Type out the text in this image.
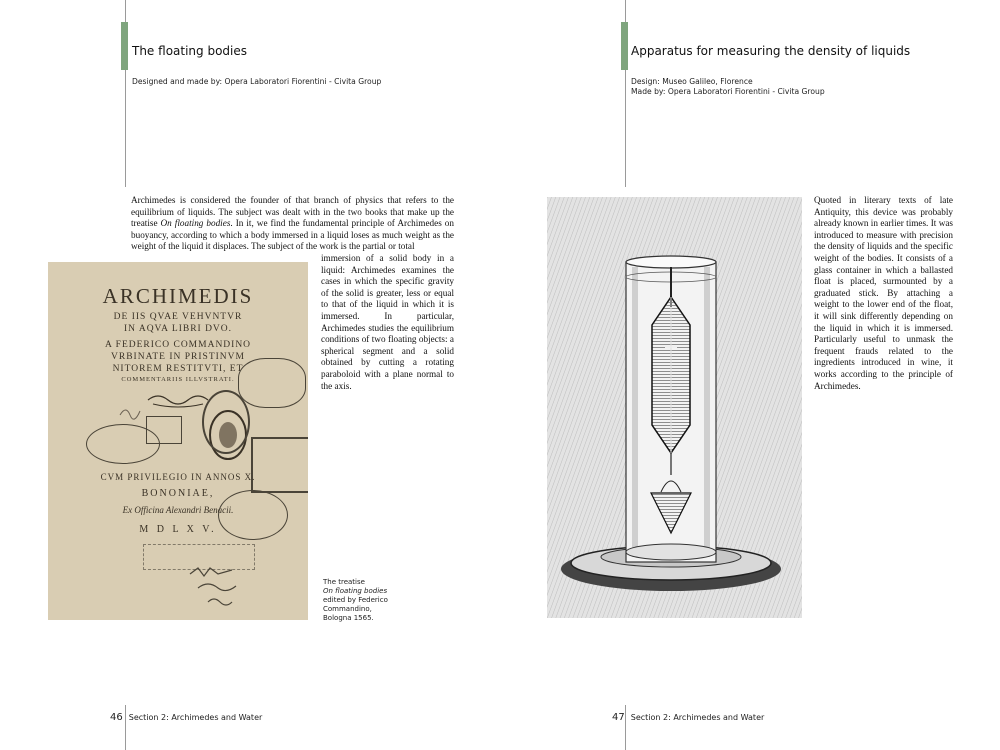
The floating bodies
Designed and made by: Opera Laboratori Fiorentini - Civita Group
Archimedes is considered the founder of that branch of physics that refers to the equilibrium of liquids. The subject was dealt with in the two books that make up the treatise On floating bodies. In it, we find the fundamental principle of Archimedes on buoyancy, according to which a body immersed in a liquid loses as much weight as the weight of the liquid it displaces. The subject of the work is the partial or total
immersion of a solid body in a liquid: Archimedes examines the cases in which the specific gravity of the solid is greater, less or equal to that of the liquid in which it is immersed. In particular, Archimedes studies the equilibrium conditions of two floating objects: a spherical segment and a solid obtained by cutting a rotating paraboloid with a plane normal to the axis.
ARCHIMEDIS
DE IIS QVAE VEHVNTVR
IN AQVA LIBRI DVO.
A FEDERICO COMMANDINO
VRBINATE IN PRISTINVM
NITOREM RESTITVTI, ET
COMMENTARIIS ILLVSTRATI.
CVM PRIVILEGIO IN ANNOS X.
BONONIAE,
Ex Officina Alexandri Benacii.
M D L X V.
The treatise
On floating bodies
edited by Federico
Commandino,
Bologna 1565.
46 Section 2: Archimedes and Water
Apparatus for measuring the density of liquids
Design: Museo Galileo, Florence
Made by: Opera Laboratori Fiorentini - Civita Group
Quoted in literary texts of late Antiquity, this device was probably already known in earlier times. It was introduced to measure with precision the density of liquids and the specific weight of the bodies. It consists of a glass container in which a ballasted float is placed, surmounted by a graduated stick. By attaching a weight to the lower end of the float, it will sink differently depending on the liquid in which it is immersed. Particularly useful to unmask the frequent frauds related to the ingredients introduced in wine, it works according to the principle of Archimedes.
47 Section 2: Archimedes and Water
